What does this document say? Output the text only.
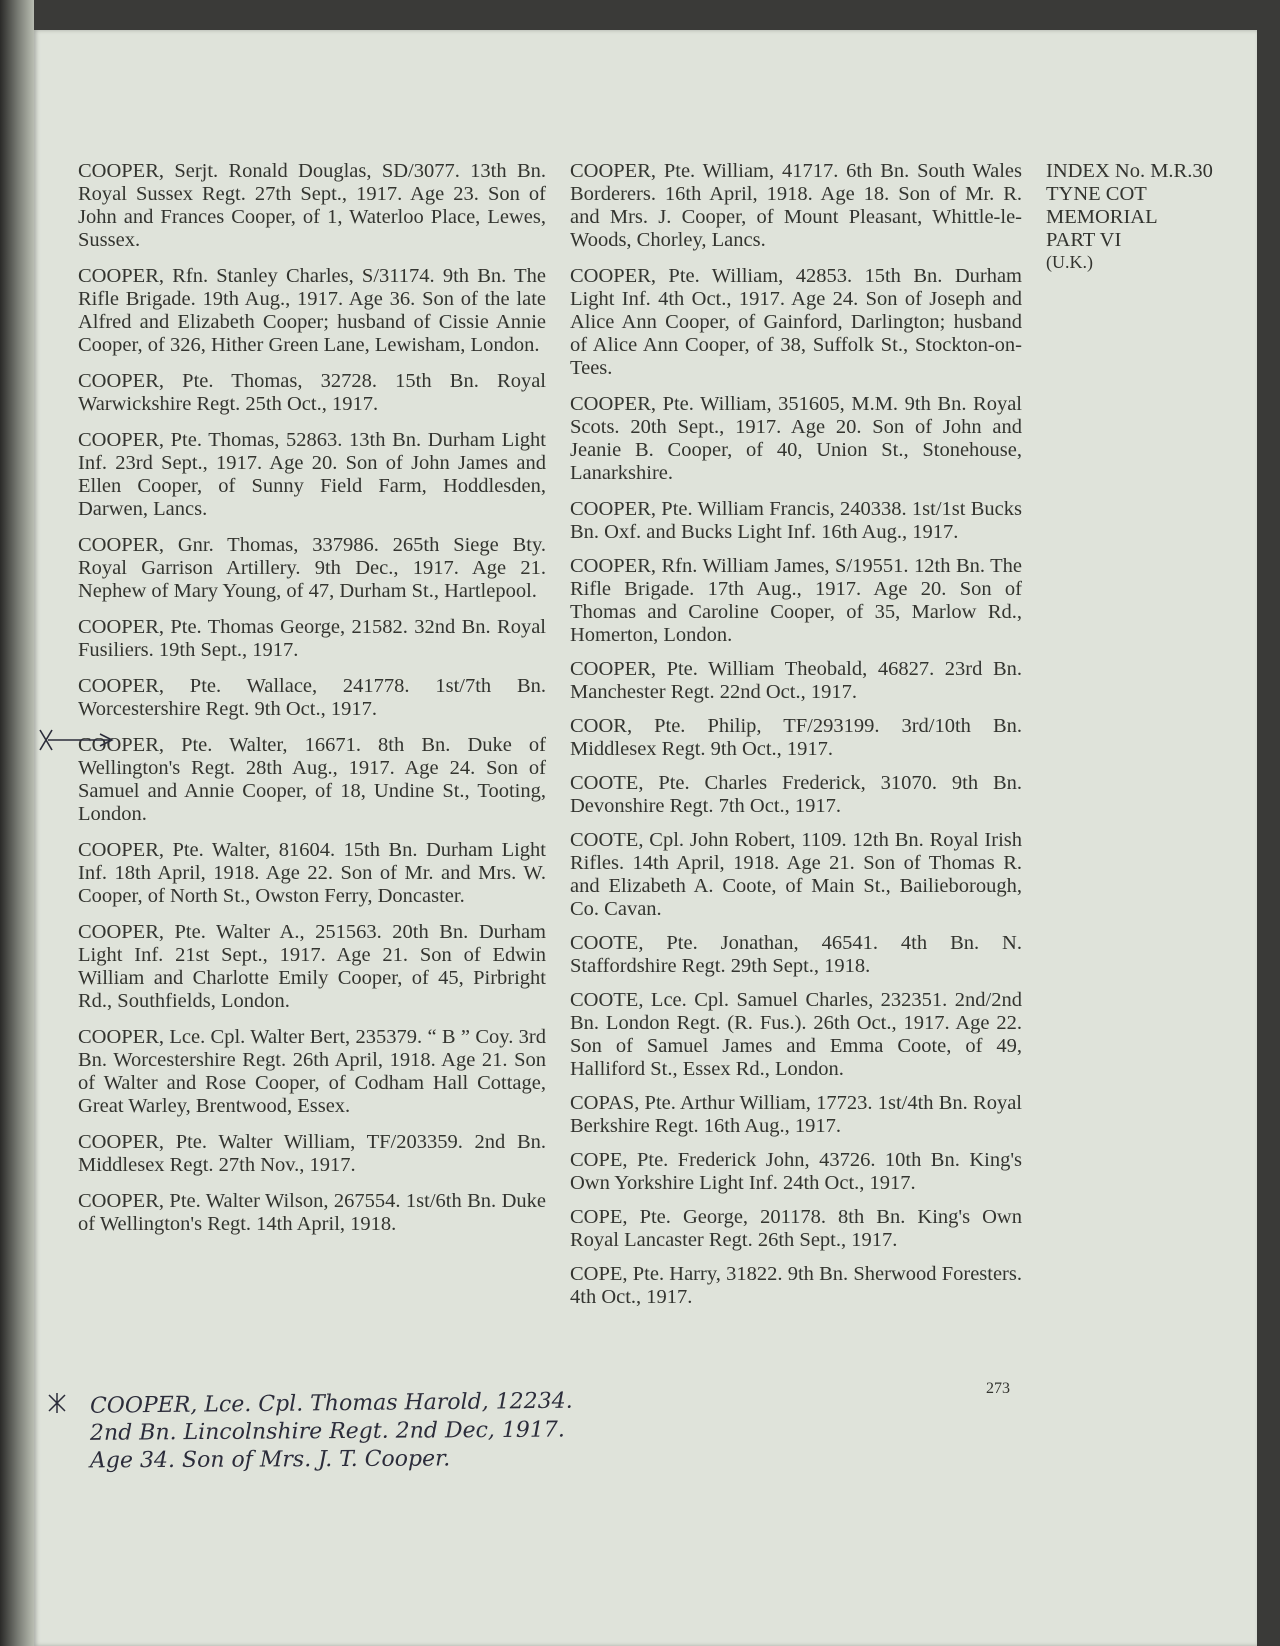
COOPER, Serjt. Ronald Douglas, SD/3077. 13th Bn. Royal Sussex Regt. 27th Sept., 1917. Age 23. Son of John and Frances Cooper, of 1, Waterloo Place, Lewes, Sussex.

COOPER, Rfn. Stanley Charles, S/31174. 9th Bn. The Rifle Brigade. 19th Aug., 1917. Age 36. Son of the late Alfred and Elizabeth Cooper; husband of Cissie Annie Cooper, of 326, Hither Green Lane, Lewisham, London.

COOPER, Pte. Thomas, 32728. 15th Bn. Royal Warwickshire Regt. 25th Oct., 1917.

COOPER, Pte. Thomas, 52863. 13th Bn. Durham Light Inf. 23rd Sept., 1917. Age 20. Son of John James and Ellen Cooper, of Sunny Field Farm, Hoddlesden, Darwen, Lancs.

COOPER, Gnr. Thomas, 337986. 265th Siege Bty. Royal Garrison Artillery. 9th Dec., 1917. Age 21. Nephew of Mary Young, of 47, Durham St., Hartlepool.

COOPER, Pte. Thomas George, 21582. 32nd Bn. Royal Fusiliers. 19th Sept., 1917.

COOPER, Pte. Wallace, 241778. 1st/7th Bn. Worcestershire Regt. 9th Oct., 1917.

COOPER, Pte. Walter, 16671. 8th Bn. Duke of Wellington's Regt. 28th Aug., 1917. Age 24. Son of Samuel and Annie Cooper, of 18, Undine St., Tooting, London.

COOPER, Pte. Walter, 81604. 15th Bn. Durham Light Inf. 18th April, 1918. Age 22. Son of Mr. and Mrs. W. Cooper, of North St., Owston Ferry, Doncaster.

COOPER, Pte. Walter A., 251563. 20th Bn. Durham Light Inf. 21st Sept., 1917. Age 21. Son of Edwin William and Charlotte Emily Cooper, of 45, Pirbright Rd., Southfields, London.

COOPER, Lce. Cpl. Walter Bert, 235379. “ B ” Coy. 3rd Bn. Worcestershire Regt. 26th April, 1918. Age 21. Son of Walter and Rose Cooper, of Codham Hall Cottage, Great Warley, Brentwood, Essex.

COOPER, Pte. Walter William, TF/203359. 2nd Bn. Middlesex Regt. 27th Nov., 1917.

COOPER, Pte. Walter Wilson, 267554. 1st/6th Bn. Duke of Wellington's Regt. 14th April, 1918.

COOPER, Pte. William, 41717. 6th Bn. South Wales Borderers. 16th April, 1918. Age 18. Son of Mr. R. and Mrs. J. Cooper, of Mount Pleasant, Whittle-le-Woods, Chorley, Lancs.

COOPER, Pte. William, 42853. 15th Bn. Durham Light Inf. 4th Oct., 1917. Age 24. Son of Joseph and Alice Ann Cooper, of Gainford, Darlington; husband of Alice Ann Cooper, of 38, Suffolk St., Stockton-on-Tees.

COOPER, Pte. William, 351605, M.M. 9th Bn. Royal Scots. 20th Sept., 1917. Age 20. Son of John and Jeanie B. Cooper, of 40, Union St., Stonehouse, Lanarkshire.

COOPER, Pte. William Francis, 240338. 1st/1st Bucks Bn. Oxf. and Bucks Light Inf. 16th Aug., 1917.

COOPER, Rfn. William James, S/19551. 12th Bn. The Rifle Brigade. 17th Aug., 1917. Age 20. Son of Thomas and Caroline Cooper, of 35, Marlow Rd., Homerton, London.

COOPER, Pte. William Theobald, 46827. 23rd Bn. Manchester Regt. 22nd Oct., 1917.

COOR, Pte. Philip, TF/293199. 3rd/10th Bn. Middlesex Regt. 9th Oct., 1917.

COOTE, Pte. Charles Frederick, 31070. 9th Bn. Devonshire Regt. 7th Oct., 1917.

COOTE, Cpl. John Robert, 1109. 12th Bn. Royal Irish Rifles. 14th April, 1918. Age 21. Son of Thomas R. and Elizabeth A. Coote, of Main St., Bailieborough, Co. Cavan.

COOTE, Pte. Jonathan, 46541. 4th Bn. N. Staffordshire Regt. 29th Sept., 1918.

COOTE, Lce. Cpl. Samuel Charles, 232351. 2nd/2nd Bn. London Regt. (R. Fus.). 26th Oct., 1917. Age 22. Son of Samuel James and Emma Coote, of 49, Halliford St., Essex Rd., London.

COPAS, Pte. Arthur William, 17723. 1st/4th Bn. Royal Berkshire Regt. 16th Aug., 1917.

COPE, Pte. Frederick John, 43726. 10th Bn. King's Own Yorkshire Light Inf. 24th Oct., 1917.

COPE, Pte. George, 201178. 8th Bn. King's Own Royal Lancaster Regt. 26th Sept., 1917.

COPE, Pte. Harry, 31822. 9th Bn. Sherwood Foresters. 4th Oct., 1917.

INDEX No. M.R.30
TYNE COT
MEMORIAL
PART VI
(U.K.)
273
COOPER, Lce. Cpl. Thomas Harold, 12234.
2nd Bn. Lincolnshire Regt. 2nd Dec, 1917.
Age 34. Son of Mrs. J. T. Cooper.
